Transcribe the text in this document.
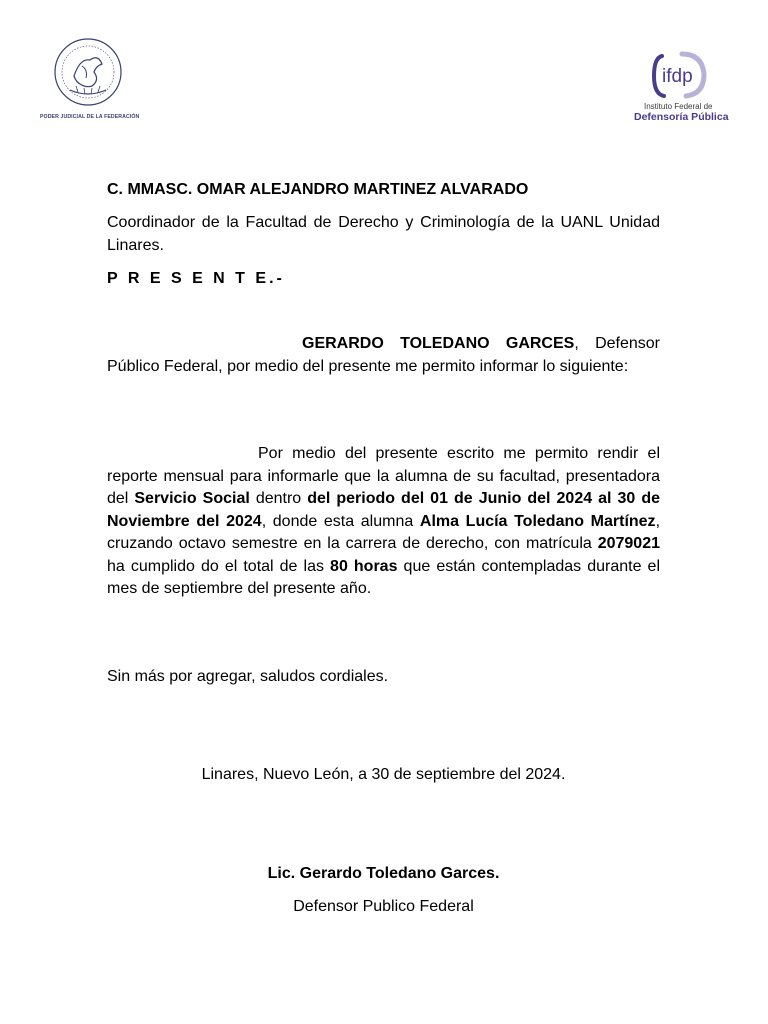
PODER JUDICIAL DE LA FEDERACIÓN
ifdp
Instituto Federal de
Defensoría Pública
C. MMASC. OMAR ALEJANDRO MARTINEZ ALVARADO
Coordinador de la Facultad de Derecho y Criminología de la UANL Unidad Linares.
P R E S E N T E.-
GERARDO TOLEDANO GARCES, Defensor Público Federal, por medio del presente me permito informar lo siguiente:
Por medio del presente escrito me permito rendir el reporte mensual para informarle que la alumna de su facultad, presentadora del Servicio Social dentro del periodo del 01 de Junio del 2024 al 30 de Noviembre del 2024, donde esta alumna Alma Lucía Toledano Martínez, cruzando octavo semestre en la carrera de derecho, con matrícula 2079021 ha cumplido do el total de las 80 horas que están contempladas durante el mes de septiembre del presente año.
Sin más por agregar, saludos cordiales.
Linares, Nuevo León, a 30 de septiembre del 2024.
Lic. Gerardo Toledano Garces.
Defensor Publico Federal
